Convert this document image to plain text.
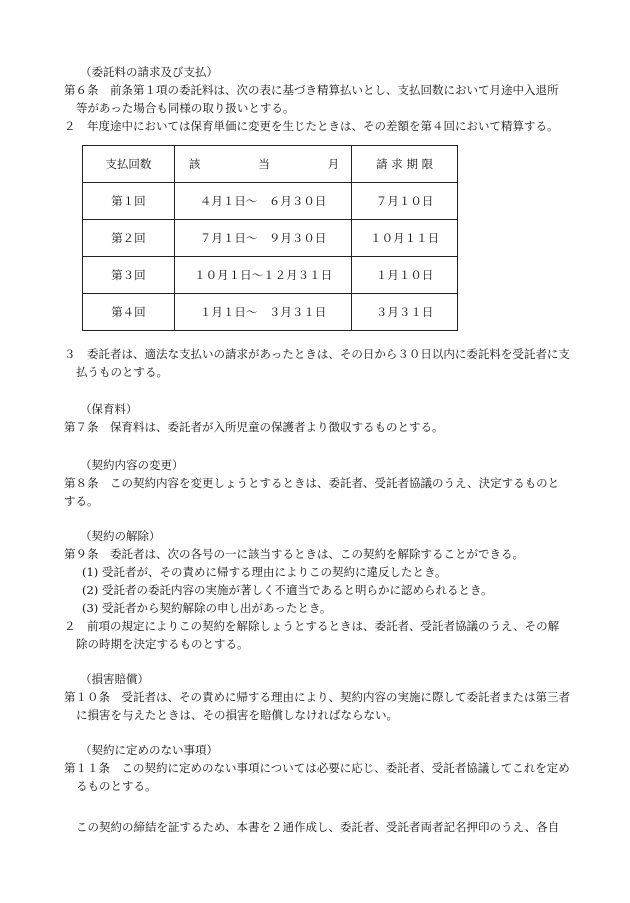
（委託料の請求及び支払）
第６条　前条第１項の委託料は、次の表に基づき精算払いとし、支払回数において月途中入退所
等があった場合も同様の取り扱いとする。
２　年度途中においては保育単価に変更を生じたときは、その差額を第４回において精算する。
支払回数	該 当 月	請 求 期 限
第１回	４月１日～　６月３０日	７月１０日
第２回	７月１日～　９月３０日	１０月１１日
第３回	１０月１日～１２月３１日	１月１０日
第４回	１月１日～　３月３１日	３月３１日
３　委託者は、適法な支払いの請求があったときは、その日から３０日以内に委託料を受託者に支
払うものとする。
（保育料）
第７条　保育料は、委託者が入所児童の保護者より徴収するものとする。
（契約内容の変更）
第８条　この契約内容を変更しょうとするときは、委託者、受託者協議のうえ、決定するものと
する。
（契約の解除）
第９条　委託者は、次の各号の一に該当するときは、この契約を解除することができる。
(1) 受託者が、その責めに帰する理由によりこの契約に違反したとき。
(2) 受託者の委託内容の実施が著しく不適当であると明らかに認められるとき。
(3) 受託者から契約解除の申し出があったとき。
２　前項の規定によりこの契約を解除しょうとするときは、委託者、受託者協議のうえ、その解
除の時期を決定するものとする。
（損害賠償）
第１０条　受託者は、その責めに帰する理由により、契約内容の実施に際して委託者または第三者
に損害を与えたときは、その損害を賠償しなければならない。
（契約に定めのない事項）
第１１条　この契約に定めのない事項については必要に応じ、委託者、受託者協議してこれを定め
るものとする。
この契約の締結を証するため、本書を２通作成し、委託者、受託者両者記名押印のうえ、各自
